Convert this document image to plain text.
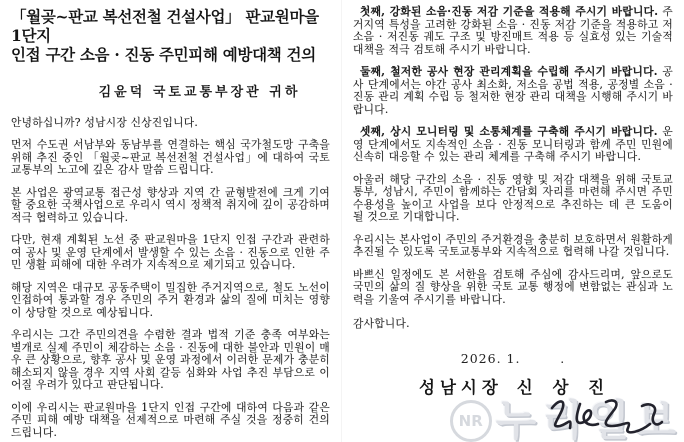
「월곶~판교 복선전철 건설사업」 판교원마을 1단지
인접 구간 소음 · 진동 주민피해 예방대책 건의
김윤덕 국토교통부장관 귀하

안녕하십니까? 성남시장 신상진입니다.

먼저 수도권 서남부와 동남부를 연결하는 핵심 국가철도망 구축을 위해 추진 중인 「월곶~판교 복선전철 건설사업」에 대하여 국토교통부의 노고에 깊은 감사 말씀 드립니다.

본 사업은 광역교통 접근성 향상과 지역 간 균형발전에 크게 기여할 중요한 국책사업으로 우리시 역시 정책적 취지에 깊이 공감하며 적극 협력하고 있습니다.

다만, 현재 계획된 노선 중 판교원마을 1단지 인접 구간과 관련하여 공사 및 운영 단계에서 발생할 수 있는 소음 · 진동으로 인한 주민 생활 피해에 대한 우려가 지속적으로 제기되고 있습니다.

해당 지역은 대규모 공동주택이 밀집한 주거지역으로, 철도 노선이 인접하여 통과할 경우 주민의 주거 환경과 삶의 질에 미치는 영향이 상당할 것으로 예상됩니다.

우리시는 그간 주민의견을 수렴한 결과 법적 기준 충족 여부와는 별개로 실제 주민이 체감하는 소음 · 진동에 대한 불안과 민원이 매우 큰 상황으로, 향후 공사 및 운영 과정에서 이러한 문제가 충분히 해소되지 않을 경우 지역 사회 갈등 심화와 사업 추진 부담으로 이어질 우려가 있다고 판단됩니다.

이에 우리시는 판교원마을 1단지 인접 구간에 대하여 다음과 같은 주민 피해 예방 대책을 선제적으로 마련해 주실 것을 정중히 건의 드립니다.

첫째, 강화된 소음·진동 저감 기준을 적용해 주시기 바랍니다. 주거지역 특성을 고려한 강화된 소음 · 진동 저감 기준을 적용하고 저소음 · 저진동 궤도 구조 및 방진매트 적용 등 실효성 있는 기술적 대책을 적극 검토해 주시기 바랍니다.

둘째, 철저한 공사 현장 관리계획을 수립해 주시기 바랍니다. 공사 단계에서는 야간 공사 최소화, 저소음 공법 적용, 공정별 소음 · 진동 관리 계획 수립 등 철저한 현장 관리 대책을 시행해 주시기 바랍니다.

셋째, 상시 모니터링 및 소통체계를 구축해 주시기 바랍니다. 운영 단계에서도 지속적인 소음 · 진동 모니터링과 함께 주민 민원에 신속히 대응할 수 있는 관리 체계를 구축해 주시기 바랍니다.

아울러 해당 구간의 소음 · 진동 영향 및 저감 대책을 위해 국토교통부, 성남시, 주민이 함께하는 간담회 자리를 마련해 주시면 주민 수용성을 높이고 사업을 보다 안정적으로 추진하는 데 큰 도움이 될 것으로 기대합니다.

우리시는 본사업이 주민의 주거환경을 충분히 보호하면서 원활하게 추진될 수 있도록 국토교통부와 지속적으로 협력해 나갈 것입니다.

바쁘신 일정에도 본 서한을 검토해 주심에 감사드리며, 앞으로도 국민의 삶의 질 향상을 위한 국토 교통 행정에 변함없는 관심과 노력을 기울여 주시기를 바랍니다.

감사합니다.

2026. 1.        .
성남시장 신 상 진
NR 누리일보
